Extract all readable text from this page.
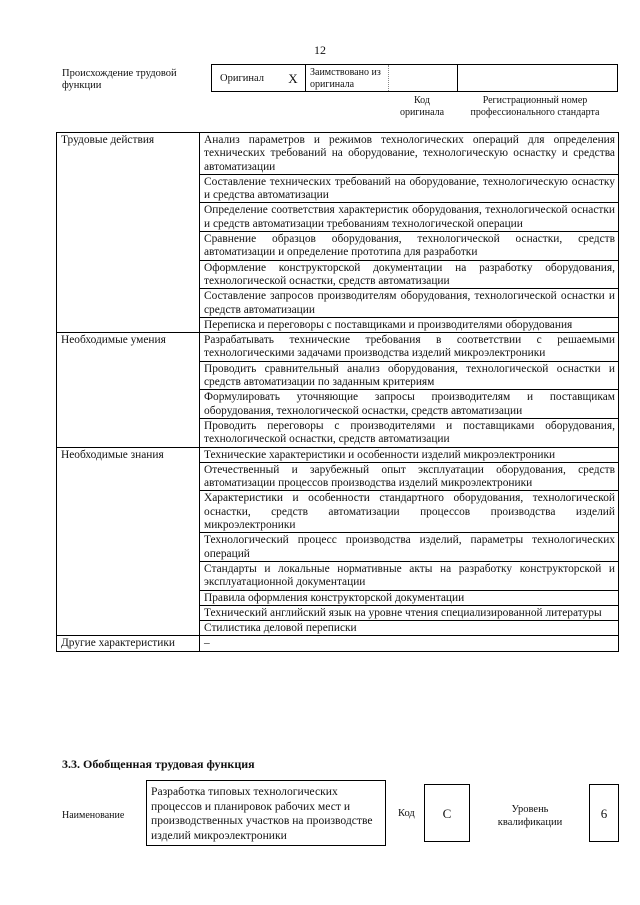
12
Происхождение трудовой функции
Оригинал	X	Заимствовано из оригинала
Код оригинала
Регистрационный номер профессионального стандарта
Трудовые действия	Анализ параметров и режимов технологических операций для определения технических требований на оборудование, технологическую оснастку и средства автоматизации
	Составление технических требований на оборудование, технологическую оснастку и средства автоматизации
	Определение соответствия характеристик оборудования, технологической оснастки и средств автоматизации требованиям технологической операции
	Сравнение образцов оборудования, технологической оснастки, средств автоматизации и определение прототипа для разработки
	Оформление конструкторской документации на разработку оборудования, технологической оснастки, средств автоматизации
	Составление запросов производителям оборудования, технологической оснастки и средств автоматизации
	Переписка и переговоры с поставщиками и производителями оборудования
Необходимые умения	Разрабатывать технические требования в соответствии с решаемыми технологическими задачами производства изделий микроэлектроники
	Проводить сравнительный анализ оборудования, технологической оснастки и средств автоматизации по заданным критериям
	Формулировать уточняющие запросы производителям и поставщикам оборудования, технологической оснастки, средств автоматизации
	Проводить переговоры с производителями и поставщиками оборудования, технологической оснастки, средств автоматизации
Необходимые знания	Технические характеристики и особенности изделий микроэлектроники
	Отечественный и зарубежный опыт эксплуатации оборудования, средств автоматизации процессов производства изделий микроэлектроники
	Характеристики и особенности стандартного оборудования, технологической оснастки, средств автоматизации процессов производства изделий микроэлектроники
	Технологический процесс производства изделий, параметры технологических операций
	Стандарты и локальные нормативные акты на разработку конструкторской и эксплуатационной документации
	Правила оформления конструкторской документации
	Технический английский язык на уровне чтения специализированной литературы
	Стилистика деловой переписки
Другие характеристики	–
3.3. Обобщенная трудовая функция
Наименование
Разработка типовых технологических процессов и планировок рабочих мест и производственных участков на производстве изделий микроэлектроники
Код	C	Уровень квалификации
6
